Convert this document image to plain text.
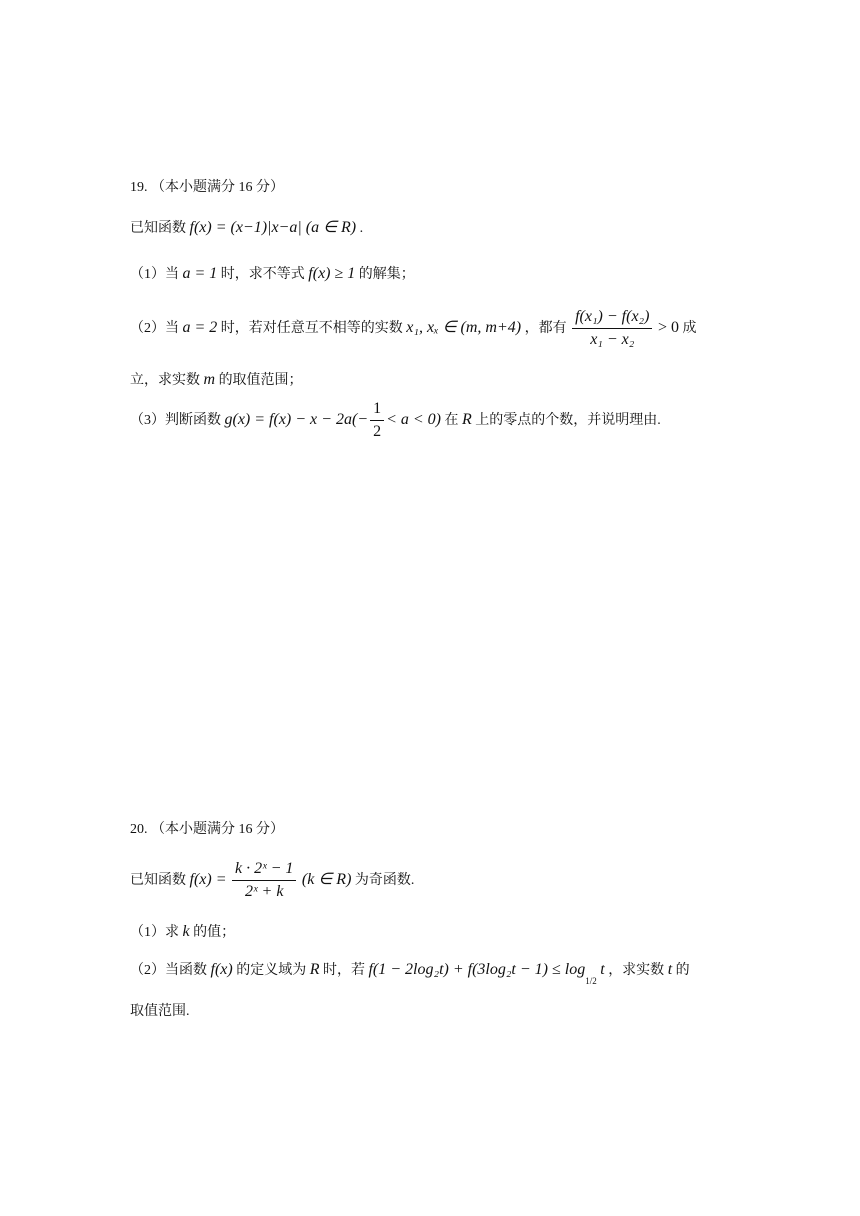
19. （本小题满分 16 分）
已知函数 f(x) = (x−1)|x−a| (a ∈ R) .
（1）当 a = 1 时，求不等式 f(x) ≥ 1 的解集；
（2）当 a = 2 时，若对任意互不相等的实数 x₁, xₓ ∈ (m, m+4) ，都有 $\frac{\text{f(x₁) − f(x₂)}}{\text{x₁ − x₂}} > 0$ 成
立，求实数 m 的取值范围；
（3）判断函数 $g(x) = f(x) - x - 2a(- \frac{1}{2} < a < 0)$ 在 R 上的零点的个数，并说明理由.
20. （本小题满分 16 分）
已知函数 $f(x) = \frac{\text{k · 2ˣ − 1}}{\text{2ˣ + k}} (k$ ∈ R) 为奇函数.
（1）求 k 的值；
（2）当函数 f(x) 的定义域为 R 时，若 $f(1 - 2\log_2t) + f(3\log_2t - 1) \le \log_{1/2} t$ ，求实数 t 的
取值范围.
